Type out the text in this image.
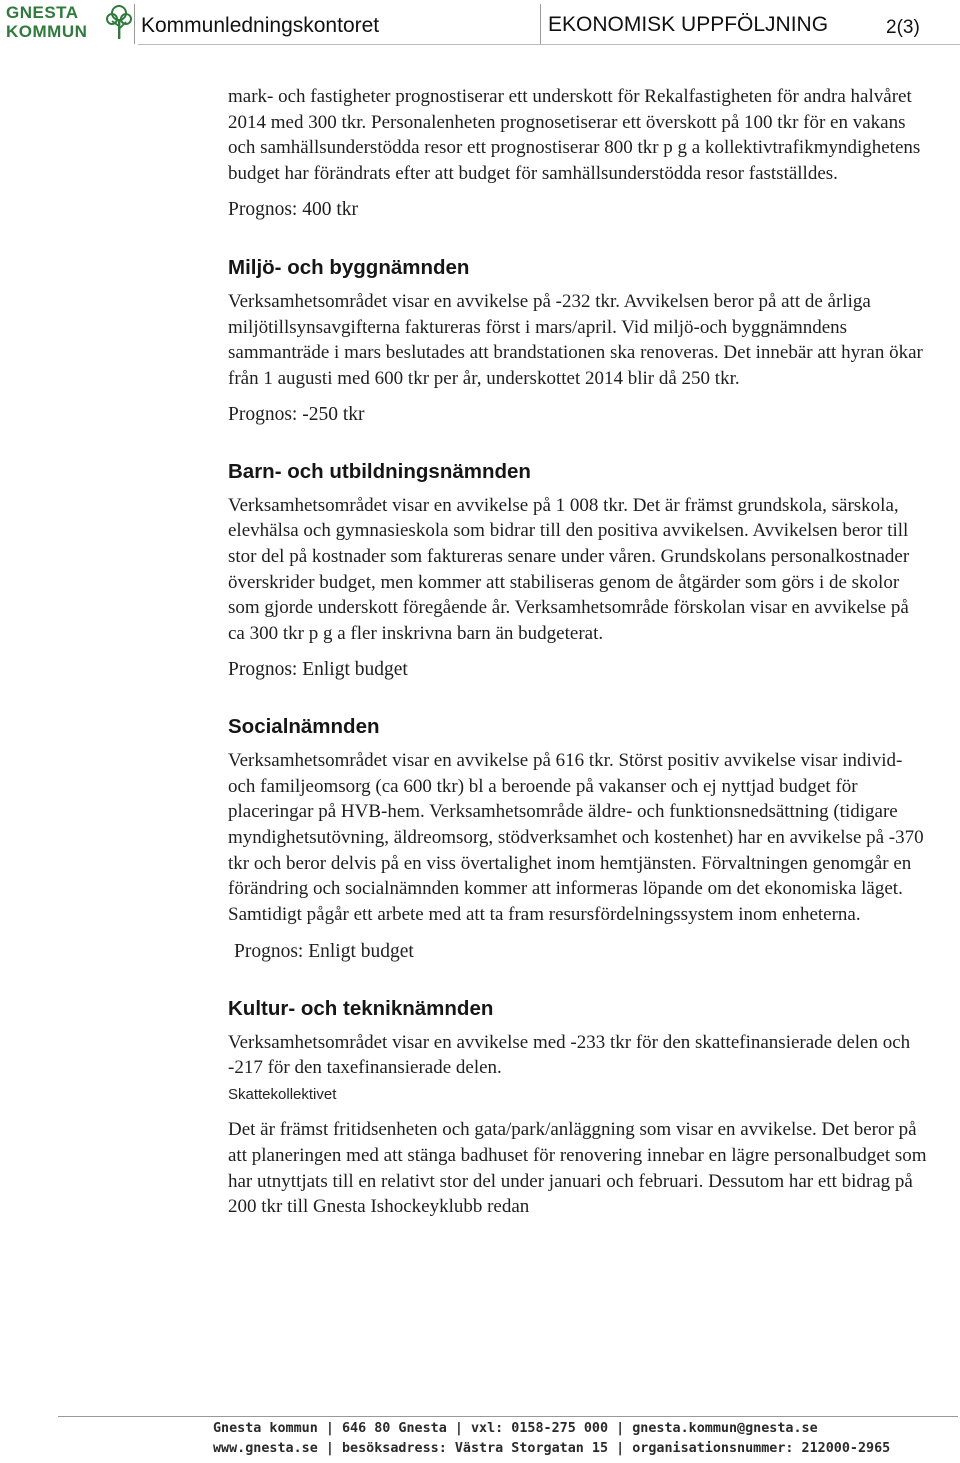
GNESTA
KOMMUN	Kommunledningskontoret	EKONOMISK UPPFÖLJNING	2(3)

mark- och fastigheter prognostiserar ett underskott för Rekalfastigheten för andra halvåret 2014 med 300 tkr. Personalenheten prognosetiserar ett överskott på 100 tkr för en vakans och samhällsunderstödda resor ett prognostiserar 800 tkr p g a kollektivtrafikmyndighetens budget har förändrats efter att budget för samhällsunderstödda resor fastställdes.

Prognos: 400 tkr

Miljö- och byggnämnden

Verksamhetsområdet visar en avvikelse på -232 tkr. Avvikelsen beror på att de årliga miljötillsynsavgifterna faktureras först i mars/april. Vid miljö-och byggnämndens sammanträde i mars beslutades att brandstationen ska renoveras. Det innebär att hyran ökar från 1 augusti med 600 tkr per år, underskottet 2014 blir då 250 tkr.

Prognos: -250 tkr

Barn- och utbildningsnämnden

Verksamhetsområdet visar en avvikelse på 1 008 tkr. Det är främst grundskola, särskola, elevhälsa och gymnasieskola som bidrar till den positiva avvikelsen. Avvikelsen beror till stor del på kostnader som faktureras senare under våren. Grundskolans personalkostnader överskrider budget, men kommer att stabiliseras genom de åtgärder som görs i de skolor som gjorde underskott föregående år. Verksamhetsområde förskolan visar en avvikelse på ca 300 tkr p g a fler inskrivna barn än budgeterat.

Prognos: Enligt budget

Socialnämnden

Verksamhetsområdet visar en avvikelse på 616 tkr. Störst positiv avvikelse visar individ- och familjeomsorg (ca 600 tkr) bl a beroende på vakanser och ej nyttjad budget för placeringar på HVB-hem. Verksamhetsområde äldre- och funktionsnedsättning (tidigare myndighetsutövning, äldreomsorg, stödverksamhet och kostenhet) har en avvikelse på -370 tkr och beror delvis på en viss övertalighet inom hemtjänsten. Förvaltningen genomgår en förändring och socialnämnden kommer att informeras löpande om det ekonomiska läget. Samtidigt pågår ett arbete med att ta fram resursfördelningssystem inom enheterna.

Prognos: Enligt budget

Kultur- och tekniknämnden

Verksamhetsområdet visar en avvikelse med -233 tkr för den skattefinansierade delen och -217 för den taxefinansierade delen.

Skattekollektivet

Det är främst fritidsenheten och gata/park/anläggning som visar en avvikelse. Det beror på att planeringen med att stänga badhuset för renovering innebar en lägre personalbudget som har utnyttjats till en relativt stor del under januari och februari. Dessutom har ett bidrag på 200 tkr till Gnesta Ishockeyklubb redan

Gnesta kommun | 646 80 Gnesta | vxl: 0158-275 000 | gnesta.kommun@gnesta.se
www.gnesta.se | besöksadress: Västra Storgatan 15 | organisationsnummer: 212000-2965
